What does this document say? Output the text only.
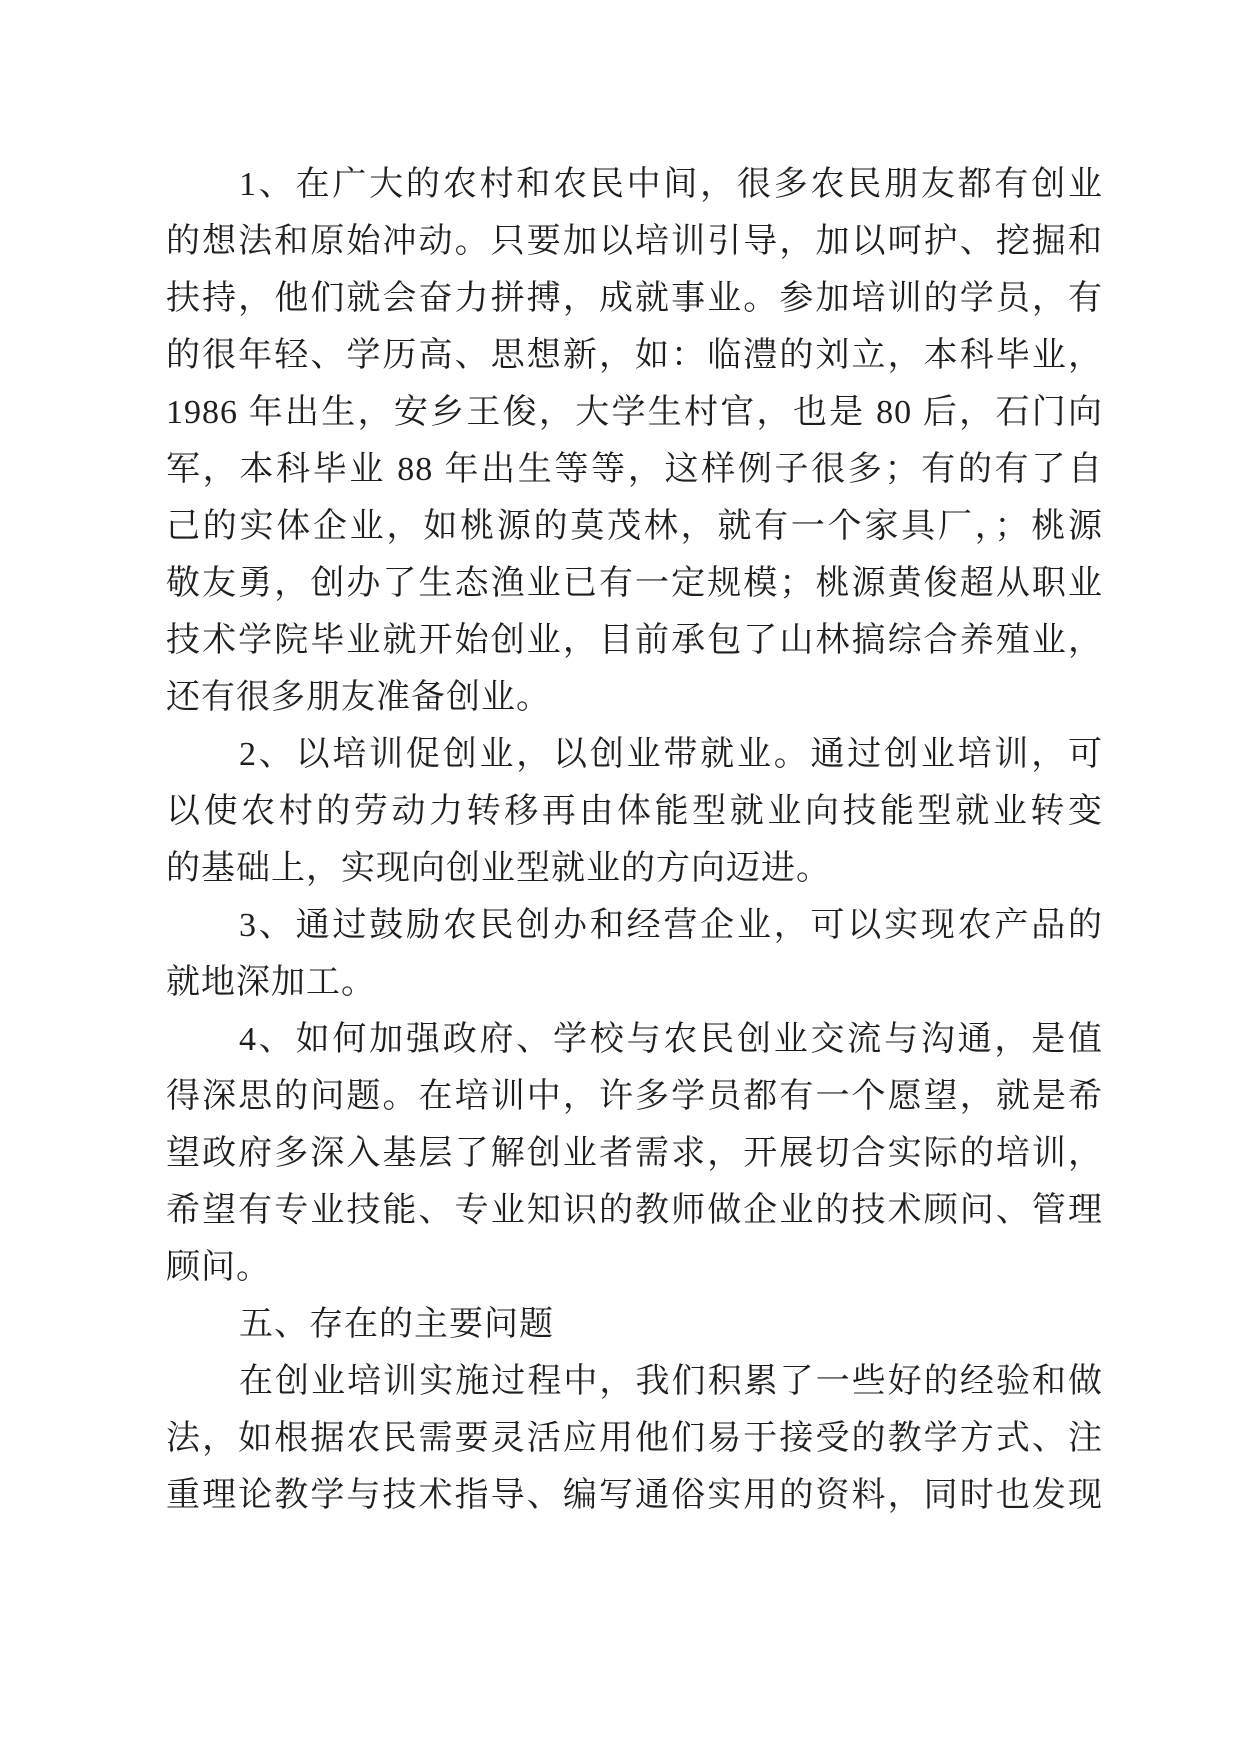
1、在广大的农村和农民中间，很多农民朋友都有创业
的想法和原始冲动。只要加以培训引导，加以呵护、挖掘和
扶持，他们就会奋力拼搏，成就事业。参加培训的学员，有
的很年轻、学历高、思想新，如：临澧的刘立，本科毕业，
1986 年出生，安乡王俊，大学生村官，也是 80 后，石门向
军，本科毕业 88 年出生等等，这样例子很多；有的有了自
己的实体企业，如桃源的莫茂林，就有一个家具厂，；桃源
敬友勇，创办了生态渔业已有一定规模；桃源黄俊超从职业
技术学院毕业就开始创业，目前承包了山林搞综合养殖业，
还有很多朋友准备创业。
2、以培训促创业，以创业带就业。通过创业培训，可
以使农村的劳动力转移再由体能型就业向技能型就业转变
的基础上，实现向创业型就业的方向迈进。
3、通过鼓励农民创办和经营企业，可以实现农产品的
就地深加工。
4、如何加强政府、学校与农民创业交流与沟通，是值
得深思的问题。在培训中，许多学员都有一个愿望，就是希
望政府多深入基层了解创业者需求，开展切合实际的培训，
希望有专业技能、专业知识的教师做企业的技术顾问、管理
顾问。
五、存在的主要问题
在创业培训实施过程中，我们积累了一些好的经验和做
法，如根据农民需要灵活应用他们易于接受的教学方式、注
重理论教学与技术指导、编写通俗实用的资料，同时也发现
